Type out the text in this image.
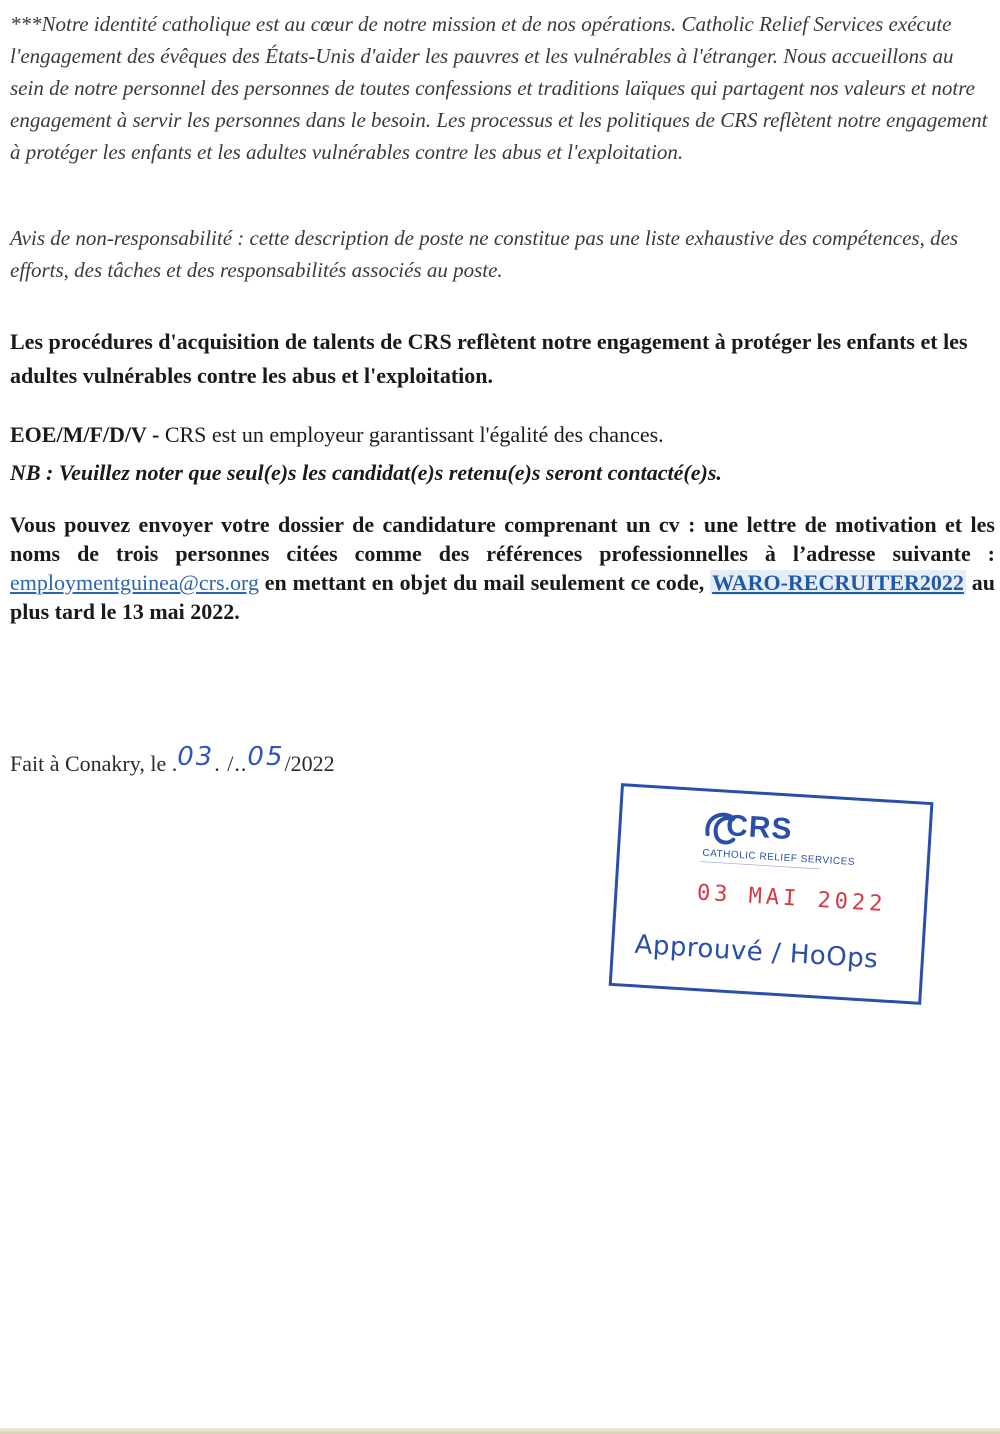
***Notre identité catholique est au cœur de notre mission et de nos opérations. Catholic Relief Services exécute l'engagement des évêques des États-Unis d'aider les pauvres et les vulnérables à l'étranger. Nous accueillons au sein de notre personnel des personnes de toutes confessions et traditions laïques qui partagent nos valeurs et notre engagement à servir les personnes dans le besoin. Les processus et les politiques de CRS reflètent notre engagement à protéger les enfants et les adultes vulnérables contre les abus et l'exploitation.

Avis de non-responsabilité : cette description de poste ne constitue pas une liste exhaustive des compétences, des efforts, des tâches et des responsabilités associés au poste.

Les procédures d'acquisition de talents de CRS reflètent notre engagement à protéger les enfants et les adultes vulnérables contre les abus et l'exploitation.

EOE/M/F/D/V - CRS est un employeur garantissant l'égalité des chances.

NB : Veuillez noter que seul(e)s les candidat(e)s retenu(e)s seront contacté(e)s.

Vous pouvez envoyer votre dossier de candidature comprenant un cv : une lettre de motivation et les noms de trois personnes citées comme des références professionnelles à l’adresse suivante : employmentguinea@crs.org en mettant en objet du mail seulement ce code, WARO-RECRUITER2022 au plus tard le 13 mai 2022.

Fait à Conakry, le .03. /..05/2022

CRS
CATHOLIC RELIEF SERVICES
03 MAI 2022
Approuvé / HoOps
